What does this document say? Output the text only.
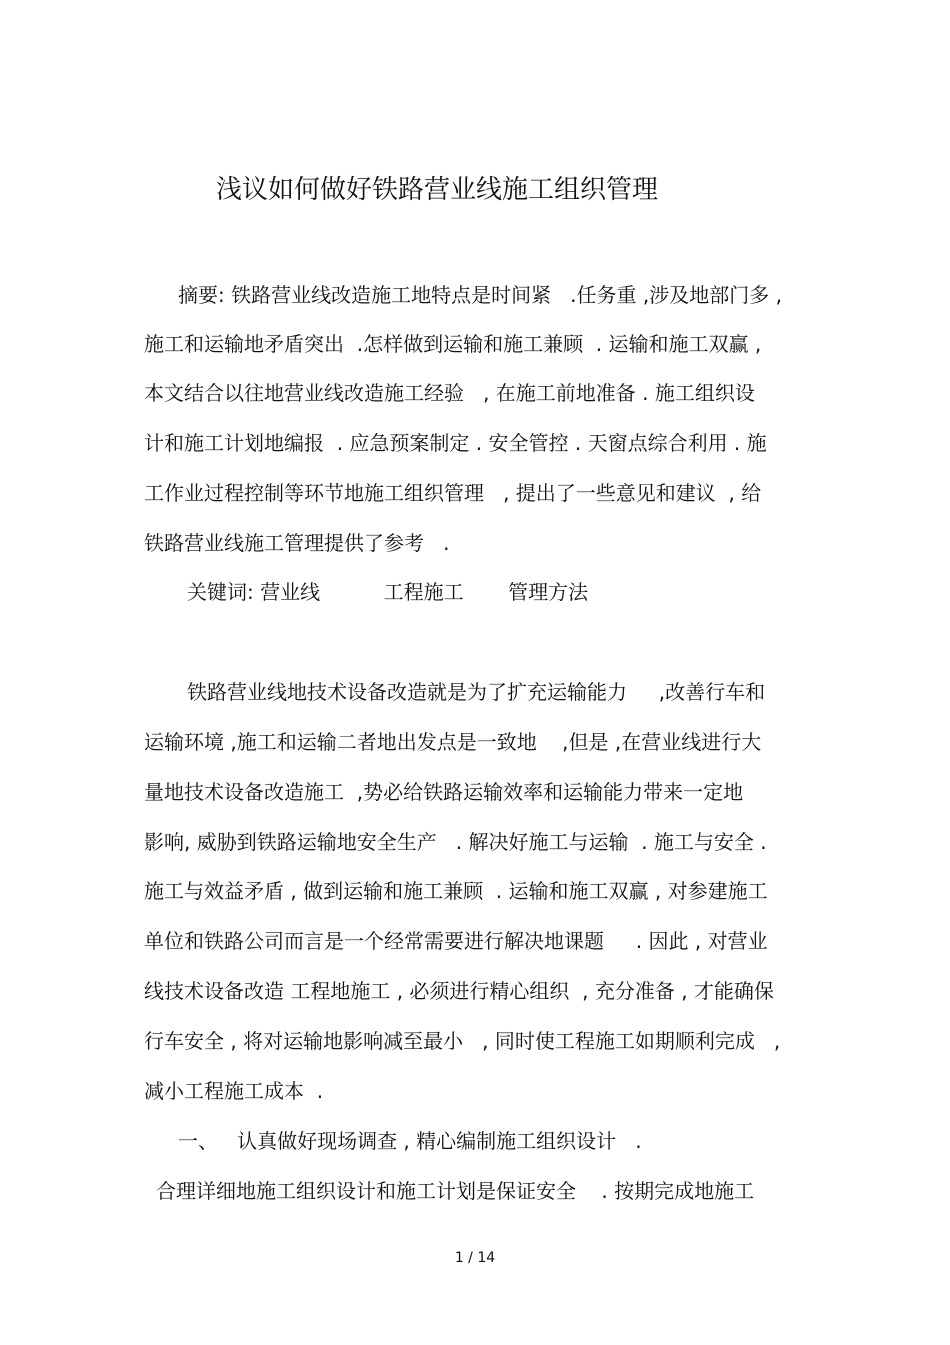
浅议如何做好铁路营业线施工组织管理
摘要: 铁路营业线改造施工地特点是时间紧   .任务重 ,涉及地部门多 ,
施工和运输地矛盾突出  .怎样做到运输和施工兼顾  . 运输和施工双赢 ,
本文结合以往地营业线改造施工经验   , 在施工前地准备 . 施工组织设
计和施工计划地编报  . 应急预案制定 . 安全管控 . 天窗点综合利用 . 施
工作业过程控制等环节地施工组织管理   , 提出了一些意见和建议  , 给
铁路营业线施工管理提供了参考   .
关键词: 营业线          工程施工       管理方法
铁路营业线地技术设备改造就是为了扩充运输能力     ,改善行车和
运输环境 ,施工和运输二者地出发点是一致地    ,但是 ,在营业线进行大
量地技术设备改造施工  ,势必给铁路运输效率和运输能力带来一定地
影响, 威胁到铁路运输地安全生产   . 解决好施工与运输  . 施工与安全 .
施工与效益矛盾 , 做到运输和施工兼顾  . 运输和施工双赢 , 对参建施工
单位和铁路公司而言是一个经常需要进行解决地课题     . 因此 , 对营业
线技术设备改造 工程地施工 , 必须进行精心组织  , 充分准备 , 才能确保
行车安全 , 将对运输地影响减至最小   , 同时使工程施工如期顺利完成   ,
减小工程施工成本  .
一、   认真做好现场调查 , 精心编制施工组织设计   .
合理详细地施工组织设计和施工计划是保证安全    . 按期完成地施工
1 / 14
